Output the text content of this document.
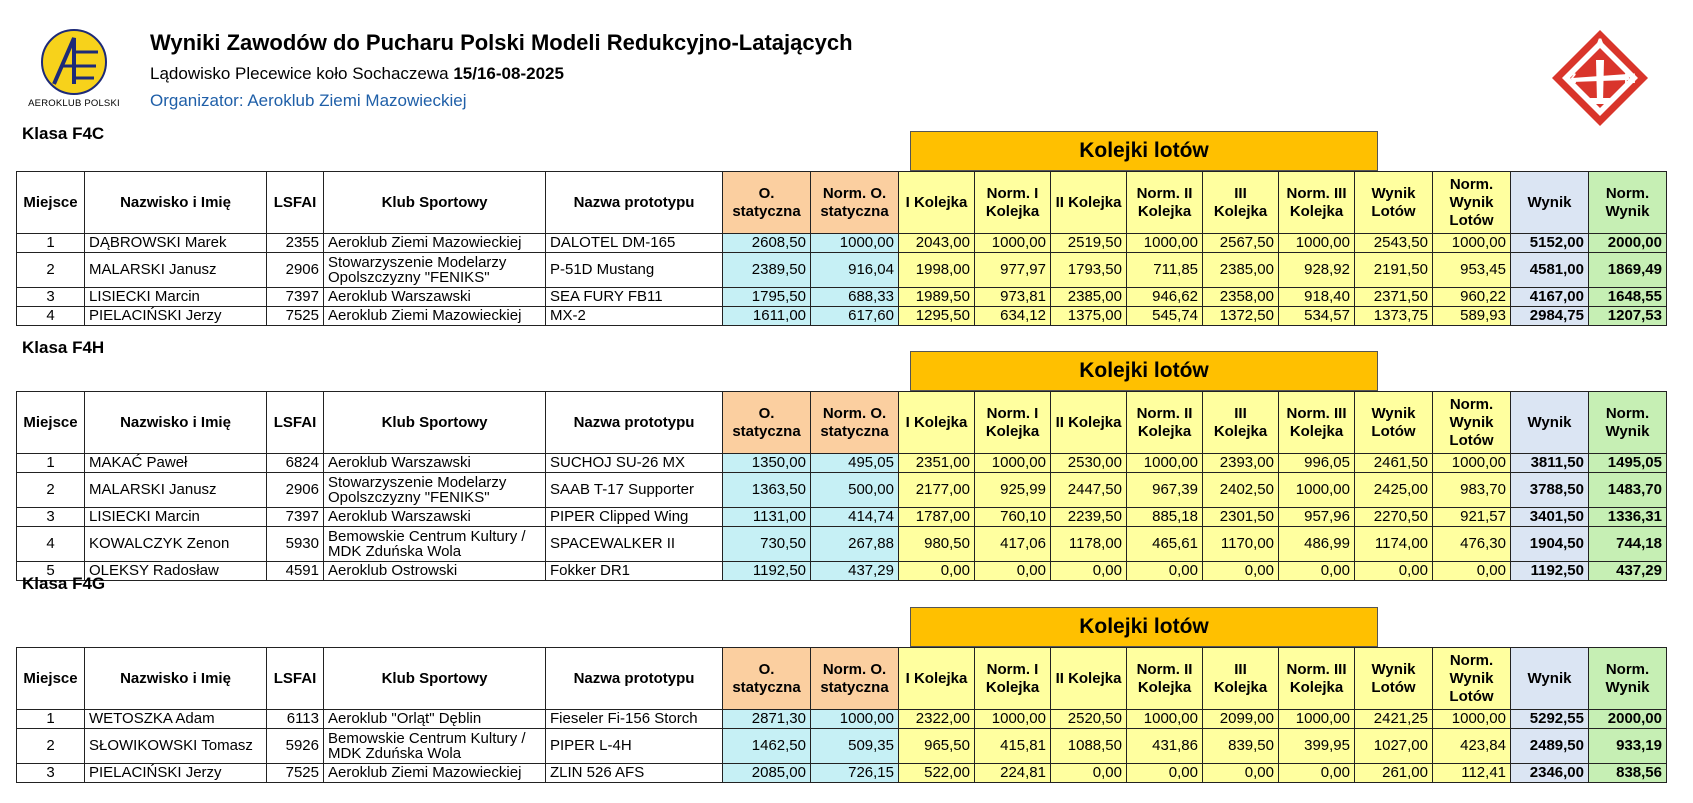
AEROKLUB POLSKI
Wyniki Zawodów do Pucharu Polski Modeli Redukcyjno-Latających
Lądowisko Plecewice koło Sochaczewa 15/16-08-2025
Organizator: Aeroklub Ziemi Mazowieckiej
A
Z	M
Klasa F4C
Kolejki lotów
Miejsce	Nazwisko i Imię	LSFAI	Klub Sportowy	Nazwa prototypu	O. statyczna	Norm. O. statyczna	I Kolejka	Norm. I Kolejka	II Kolejka	Norm. II Kolejka	III Kolejka	Norm. III Kolejka	Wynik Lotów	Norm. Wynik Lotów	Wynik	Norm. Wynik
1	DĄBROWSKI Marek	2355	Aeroklub Ziemi Mazowieckiej	DALOTEL DM-165	2608,50	1000,00	2043,00	1000,00	2519,50	1000,00	2567,50	1000,00	2543,50	1000,00	5152,00	2000,00
2	MALARSKI Janusz	2906	Stowarzyszenie Modelarzy Opolszczyzny "FENIKS"	P-51D Mustang	2389,50	916,04	1998,00	977,97	1793,50	711,85	2385,00	928,92	2191,50	953,45	4581,00	1869,49
3	LISIECKI Marcin	7397	Aeroklub Warszawski	SEA FURY FB11	1795,50	688,33	1989,50	973,81	2385,00	946,62	2358,00	918,40	2371,50	960,22	4167,00	1648,55
4	PIELACIŃSKI Jerzy	7525	Aeroklub Ziemi Mazowieckiej	MX-2	1611,00	617,60	1295,50	634,12	1375,00	545,74	1372,50	534,57	1373,75	589,93	2984,75	1207,53
Klasa F4H
Kolejki lotów
Miejsce	Nazwisko i Imię	LSFAI	Klub Sportowy	Nazwa prototypu	O. statyczna	Norm. O. statyczna	I Kolejka	Norm. I Kolejka	II Kolejka	Norm. II Kolejka	III Kolejka	Norm. III Kolejka	Wynik Lotów	Norm. Wynik Lotów	Wynik	Norm. Wynik
1	MAKAĆ Paweł	6824	Aeroklub Warszawski	SUCHOJ SU-26 MX	1350,00	495,05	2351,00	1000,00	2530,00	1000,00	2393,00	996,05	2461,50	1000,00	3811,50	1495,05
2	MALARSKI Janusz	2906	Stowarzyszenie Modelarzy Opolszczyzny "FENIKS"	SAAB T-17 Supporter	1363,50	500,00	2177,00	925,99	2447,50	967,39	2402,50	1000,00	2425,00	983,70	3788,50	1483,70
3	LISIECKI Marcin	7397	Aeroklub Warszawski	PIPER Clipped Wing	1131,00	414,74	1787,00	760,10	2239,50	885,18	2301,50	957,96	2270,50	921,57	3401,50	1336,31
4	KOWALCZYK Zenon	5930	Bemowskie Centrum Kultury / MDK Zduńska Wola	SPACEWALKER II	730,50	267,88	980,50	417,06	1178,00	465,61	1170,00	486,99	1174,00	476,30	1904,50	744,18
5	OLEKSY Radosław	4591	Aeroklub Ostrowski	Fokker DR1	1192,50	437,29	0,00	0,00	0,00	0,00	0,00	0,00	0,00	0,00	1192,50	437,29
Klasa F4G
Kolejki lotów
Miejsce	Nazwisko i Imię	LSFAI	Klub Sportowy	Nazwa prototypu	O. statyczna	Norm. O. statyczna	I Kolejka	Norm. I Kolejka	II Kolejka	Norm. II Kolejka	III Kolejka	Norm. III Kolejka	Wynik Lotów	Norm. Wynik Lotów	Wynik	Norm. Wynik
1	WETOSZKA Adam	6113	Aeroklub "Orląt" Dęblin	Fieseler Fi-156 Storch	2871,30	1000,00	2322,00	1000,00	2520,50	1000,00	2099,00	1000,00	2421,25	1000,00	5292,55	2000,00
2	SŁOWIKOWSKI Tomasz	5926	Bemowskie Centrum Kultury / MDK Zduńska Wola	PIPER L-4H	1462,50	509,35	965,50	415,81	1088,50	431,86	839,50	399,95	1027,00	423,84	2489,50	933,19
3	PIELACIŃSKI Jerzy	7525	Aeroklub Ziemi Mazowieckiej	ZLIN 526 AFS	2085,00	726,15	522,00	224,81	0,00	0,00	0,00	0,00	261,00	112,41	2346,00	838,56
